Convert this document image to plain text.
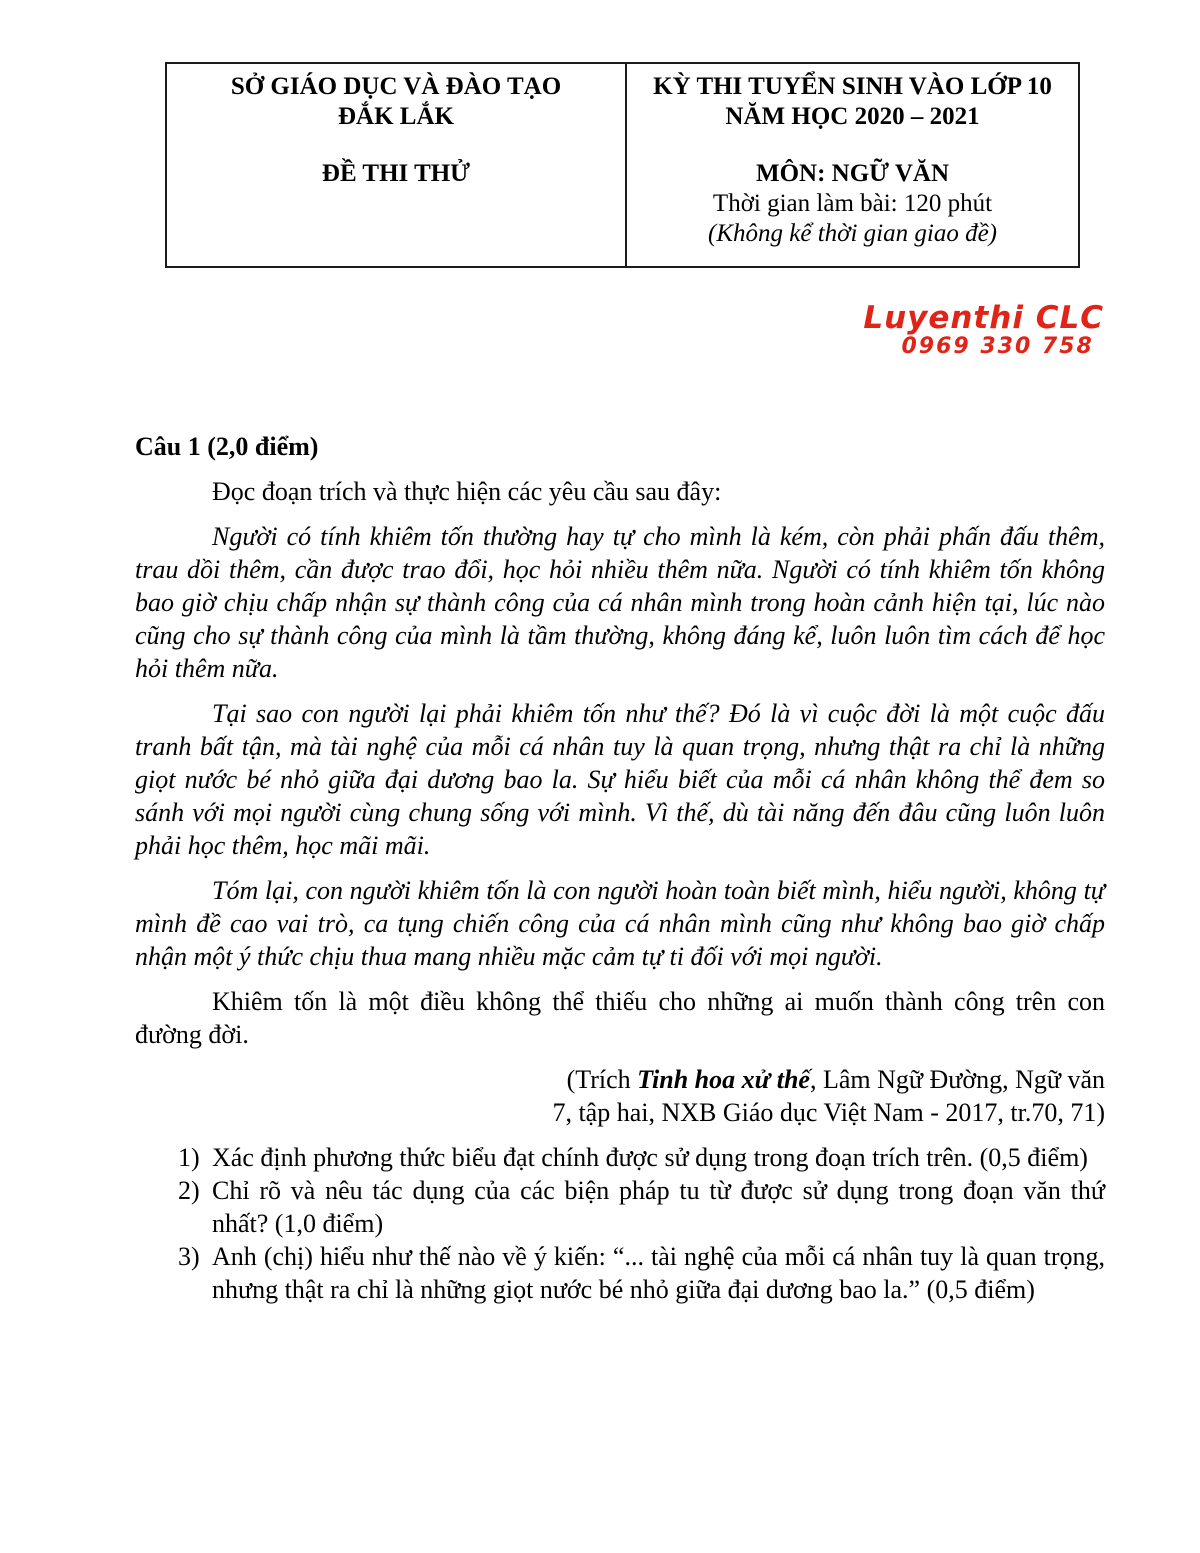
SỞ GIÁO DỤC VÀ ĐÀO TẠO
ĐẮK LẮK
ĐỀ THI THỬ
KỲ THI TUYỂN SINH VÀO LỚP 10
NĂM HỌC 2020 – 2021
MÔN: NGỮ VĂN
Thời gian làm bài: 120 phút
(Không kể thời gian giao đề)
Luyenthi CLC
0969 330 758

Câu 1 (2,0 điểm)

Đọc đoạn trích và thực hiện các yêu cầu sau đây:

Người có tính khiêm tốn thường hay tự cho mình là kém, còn phải phấn đấu thêm, trau dồi thêm, cần được trao đổi, học hỏi nhiều thêm nữa. Người có tính khiêm tốn không bao giờ chịu chấp nhận sự thành công của cá nhân mình trong hoàn cảnh hiện tại, lúc nào cũng cho sự thành công của mình là tầm thường, không đáng kể, luôn luôn tìm cách để học hỏi thêm nữa.

Tại sao con người lại phải khiêm tốn như thế? Đó là vì cuộc đời là một cuộc đấu tranh bất tận, mà tài nghệ của mỗi cá nhân tuy là quan trọng, nhưng thật ra chỉ là những giọt nước bé nhỏ giữa đại dương bao la. Sự hiểu biết của mỗi cá nhân không thể đem so sánh với mọi người cùng chung sống với mình. Vì thế, dù tài năng đến đâu cũng luôn luôn phải học thêm, học mãi mãi.

Tóm lại, con người khiêm tốn là con người hoàn toàn biết mình, hiểu người, không tự mình đề cao vai trò, ca tụng chiến công của cá nhân mình cũng như không bao giờ chấp nhận một ý thức chịu thua mang nhiều mặc cảm tự ti đối với mọi người.

Khiêm tốn là một điều không thể thiếu cho những ai muốn thành công trên con đường đời.

(Trích Tinh hoa xử thế, Lâm Ngữ Đường, Ngữ văn
7, tập hai, NXB Giáo dục Việt Nam - 2017, tr.70, 71)

1) Xác định phương thức biểu đạt chính được sử dụng trong đoạn trích trên. (0,5 điểm)
2) Chỉ rõ và nêu tác dụng của các biện pháp tu từ được sử dụng trong đoạn văn thứ nhất? (1,0 điểm)
3) Anh (chị) hiểu như thế nào về ý kiến: “... tài nghệ của mỗi cá nhân tuy là quan trọng, nhưng thật ra chỉ là những giọt nước bé nhỏ giữa đại dương bao la.” (0,5 điểm)
